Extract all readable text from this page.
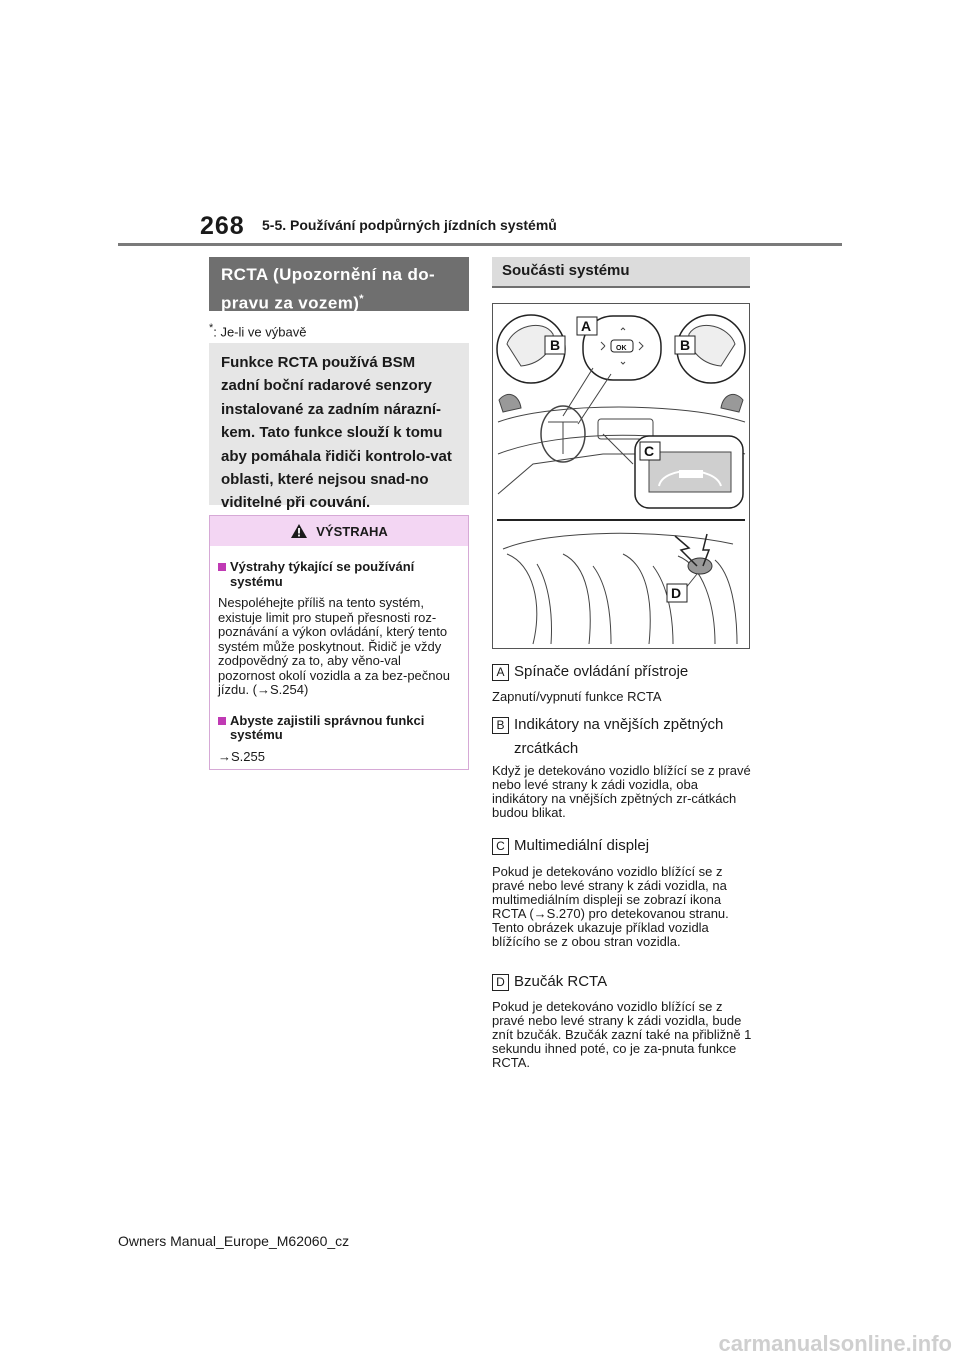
268 5-5. Používání podpůrných jízdních systémů
RCTA (Upozornění na do-pravu za vozem)*
*: Je-li ve výbavě
Funkce RCTA používá BSM zadní boční radarové senzory instalované za zadním nárazní-kem. Tato funkce slouží k tomu aby pomáhala řidiči kontrolo-vat oblasti, které nejsou snad-no viditelné při couvání.
VÝSTRAHA
Výstrahy týkající se používání systému
Nespoléhejte příliš na tento systém, existuje limit pro stupeň přesnosti roz-poznávání a výkon ovládání, který tento systém může poskytnout. Řidič je vždy zodpovědný za to, aby věno-val pozornost okolí vozidla a za bez-pečnou jízdu. (→S.254)
Abyste zajistili správnou funkci systému
→S.255
Součásti systému
A
B	B
C
D
OK
A Spínače ovládání přístroje
Zapnutí/vypnutí funkce RCTA
B Indikátory na vnějších zpětných zrcátkách
Když je detekováno vozidlo blížící se z pravé nebo levé strany k zádi vozidla, oba indikátory na vnějších zpětných zr-cátkách budou blikat.
C Multimediální displej
Pokud je detekováno vozidlo blížící se z pravé nebo levé strany k zádi vozidla, na multimediálním displeji se zobrazí ikona RCTA (→S.270) pro detekovanou stranu. Tento obrázek ukazuje příklad vozidla blížícího se z obou stran vozidla.
D Bzučák RCTA
Pokud je detekováno vozidlo blížící se z pravé nebo levé strany k zádi vozidla, bude znít bzučák. Bzučák zazní také na přibližně 1 sekundu ihned poté, co je za-pnuta funkce RCTA.
Owners Manual_Europe_M62060_cz
carmanualsonline.info
